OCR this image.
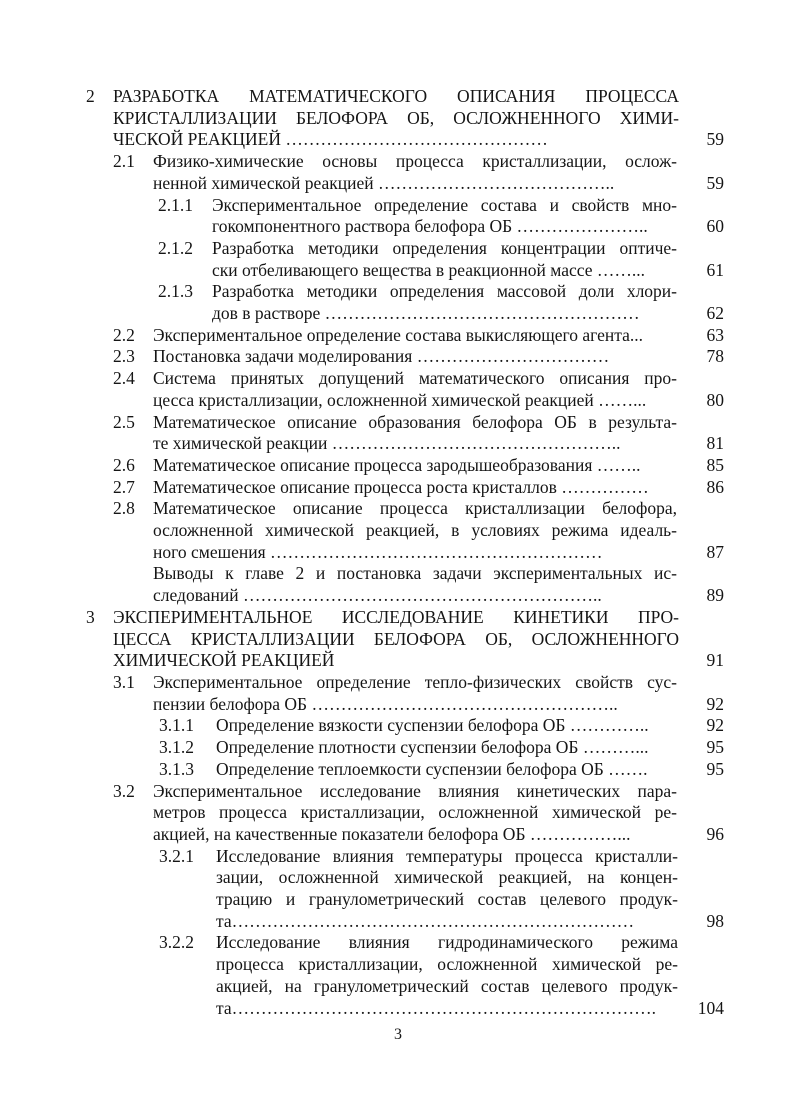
2 РАЗРАБОТКА МАТЕМАТИЧЕСКОГО ОПИСАНИЯ ПРОЦЕССА
КРИСТАЛЛИЗАЦИИ БЕЛОФОРА ОБ, ОСЛОЖНЕННОГО ХИМИ-
ЧЕСКОЙ РЕАКЦИЕЙ ………………………………………	59
2.1 Физико-химические основы процесса кристаллизации, ослож-
ненной химической реакцией …………………………………..	59
2.1.1 Экспериментальное определение состава и свойств мно-
гокомпонентного раствора белофора ОБ …………………..	60
2.1.2 Разработка методики определения концентрации оптиче-
ски отбеливающего вещества в реакционной массе ……...	61
2.1.3 Разработка методики определения массовой доли хлори-
дов в растворе ………………………………………………	62
2.2 Экспериментальное определение состава выкисляющего агента...	63
2.3 Постановка задачи моделирования ……………………………	78
2.4 Система принятых допущений математического описания про-
цесса кристаллизации, осложненной химической реакцией ……...	80
2.5 Математическое описание образования белофора ОБ в результа-
те химической реакции …………………………………………..	81
2.6 Математическое описание процесса зародышеобразования ……..	85
2.7 Математическое описание процесса роста кристаллов ……………	86
2.8 Математическое описание процесса кристаллизации белофора,
осложненной химической реакцией, в условиях режима идеаль-
ного смешения …………………………………………………	87
Выводы к главе 2 и постановка задачи экспериментальных ис-
следований ……………………………………………………..	89
3 ЭКСПЕРИМЕНТАЛЬНОЕ ИССЛЕДОВАНИЕ КИНЕТИКИ ПРО-
ЦЕССА КРИСТАЛЛИЗАЦИИ БЕЛОФОРА ОБ, ОСЛОЖНЕННОГО
ХИМИЧЕСКОЙ РЕАКЦИЕЙ	91
3.1 Экспериментальное определение тепло-физических свойств сус-
пензии белофора ОБ ……………………………………………..	92
3.1.1 Определение вязкости суспензии белофора ОБ …………..	92
3.1.2 Определение плотности суспензии белофора ОБ ………...	95
3.1.3 Определение теплоемкости суспензии белофора ОБ …….	95
3.2 Экспериментальное исследование влияния кинетических пара-
метров процесса кристаллизации, осложненной химической ре-
акцией, на качественные показатели белофора ОБ ……………...	96
3.2.1 Исследование влияния температуры процесса кристалли-
зации, осложненной химической реакцией, на концен-
трацию и гранулометрический состав целевого продук-
та……………………………………………………………	98
3.2.2 Исследование влияния гидродинамического режима
процесса кристаллизации, осложненной химической ре-
акцией, на гранулометрический состав целевого продук-
та……………………………………………………………….	104
3
